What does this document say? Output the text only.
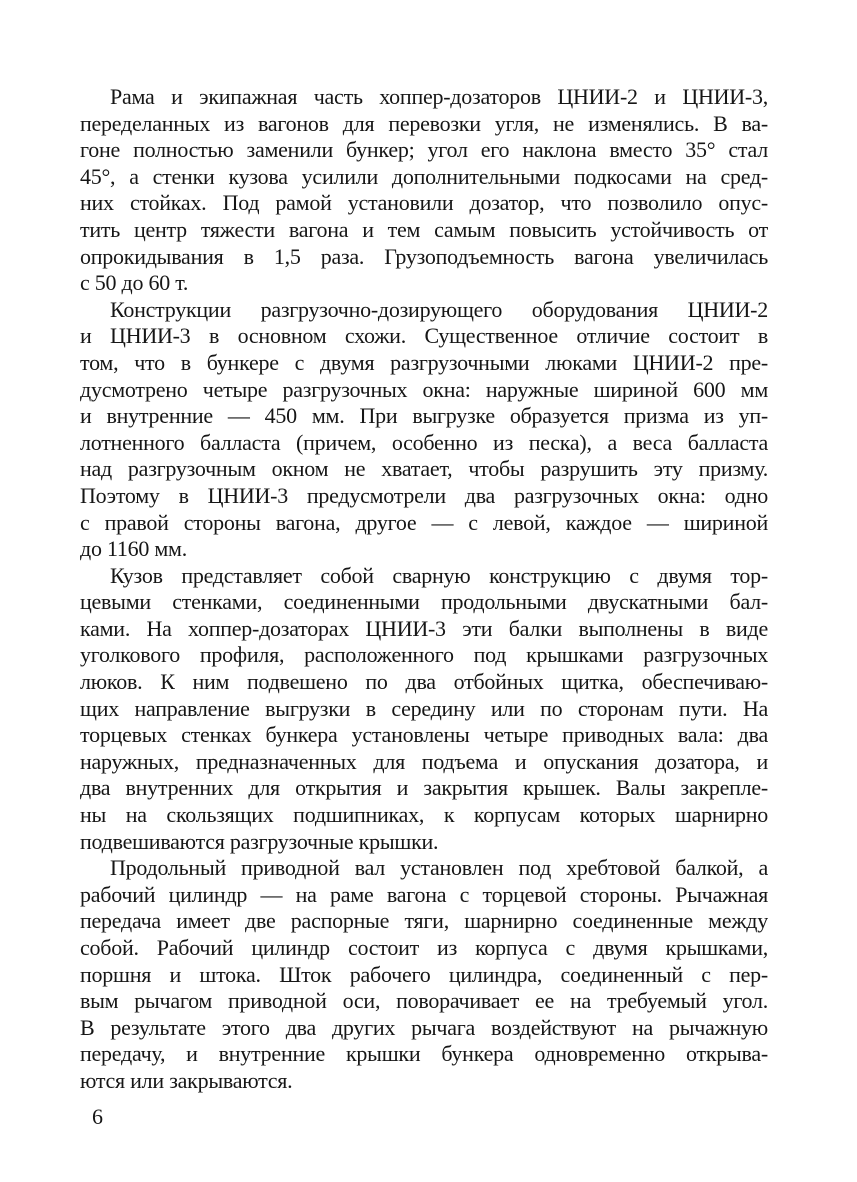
Рама и экипажная часть хоппер-дозаторов ЦНИИ-2 и ЦНИИ-3,
переделанных из вагонов для перевозки угля, не изменялись. В ва-
гоне полностью заменили бункер; угол его наклона вместо 35° стал
45°, а стенки кузова усилили дополнительными подкосами на сред-
них стойках. Под рамой установили дозатор, что позволило опус-
тить центр тяжести вагона и тем самым повысить устойчивость от
опрокидывания в 1,5 раза. Грузоподъемность вагона увеличилась
с 50 до 60 т.
Конструкции разгрузочно-дозирующего оборудования ЦНИИ-2
и ЦНИИ-3 в основном схожи. Существенное отличие состоит в
том, что в бункере с двумя разгрузочными люками ЦНИИ-2 пре-
дусмотрено четыре разгрузочных окна: наружные шириной 600 мм
и внутренние — 450 мм. При выгрузке образуется призма из уп-
лотненного балласта (причем, особенно из песка), а веса балласта
над разгрузочным окном не хватает, чтобы разрушить эту призму.
Поэтому в ЦНИИ-3 предусмотрели два разгрузочных окна: одно
с правой стороны вагона, другое — с левой, каждое — шириной
до 1160 мм.
Кузов представляет собой сварную конструкцию с двумя тор-
цевыми стенками, соединенными продольными двускатными бал-
ками. На хоппер-дозаторах ЦНИИ-3 эти балки выполнены в виде
уголкового профиля, расположенного под крышками разгрузочных
люков. К ним подвешено по два отбойных щитка, обеспечиваю-
щих направление выгрузки в середину или по сторонам пути. На
торцевых стенках бункера установлены четыре приводных вала: два
наружных, предназначенных для подъема и опускания дозатора, и
два внутренних для открытия и закрытия крышек. Валы закрепле-
ны на скользящих подшипниках, к корпусам которых шарнирно
подвешиваются разгрузочные крышки.
Продольный приводной вал установлен под хребтовой балкой, а
рабочий цилиндр — на раме вагона с торцевой стороны. Рычажная
передача имеет две распорные тяги, шарнирно соединенные между
собой. Рабочий цилиндр состоит из корпуса с двумя крышками,
поршня и штока. Шток рабочего цилиндра, соединенный с пер-
вым рычагом приводной оси, поворачивает ее на требуемый угол.
В результате этого два других рычага воздействуют на рычажную
передачу, и внутренние крышки бункера одновременно открыва-
ются или закрываются.
6
